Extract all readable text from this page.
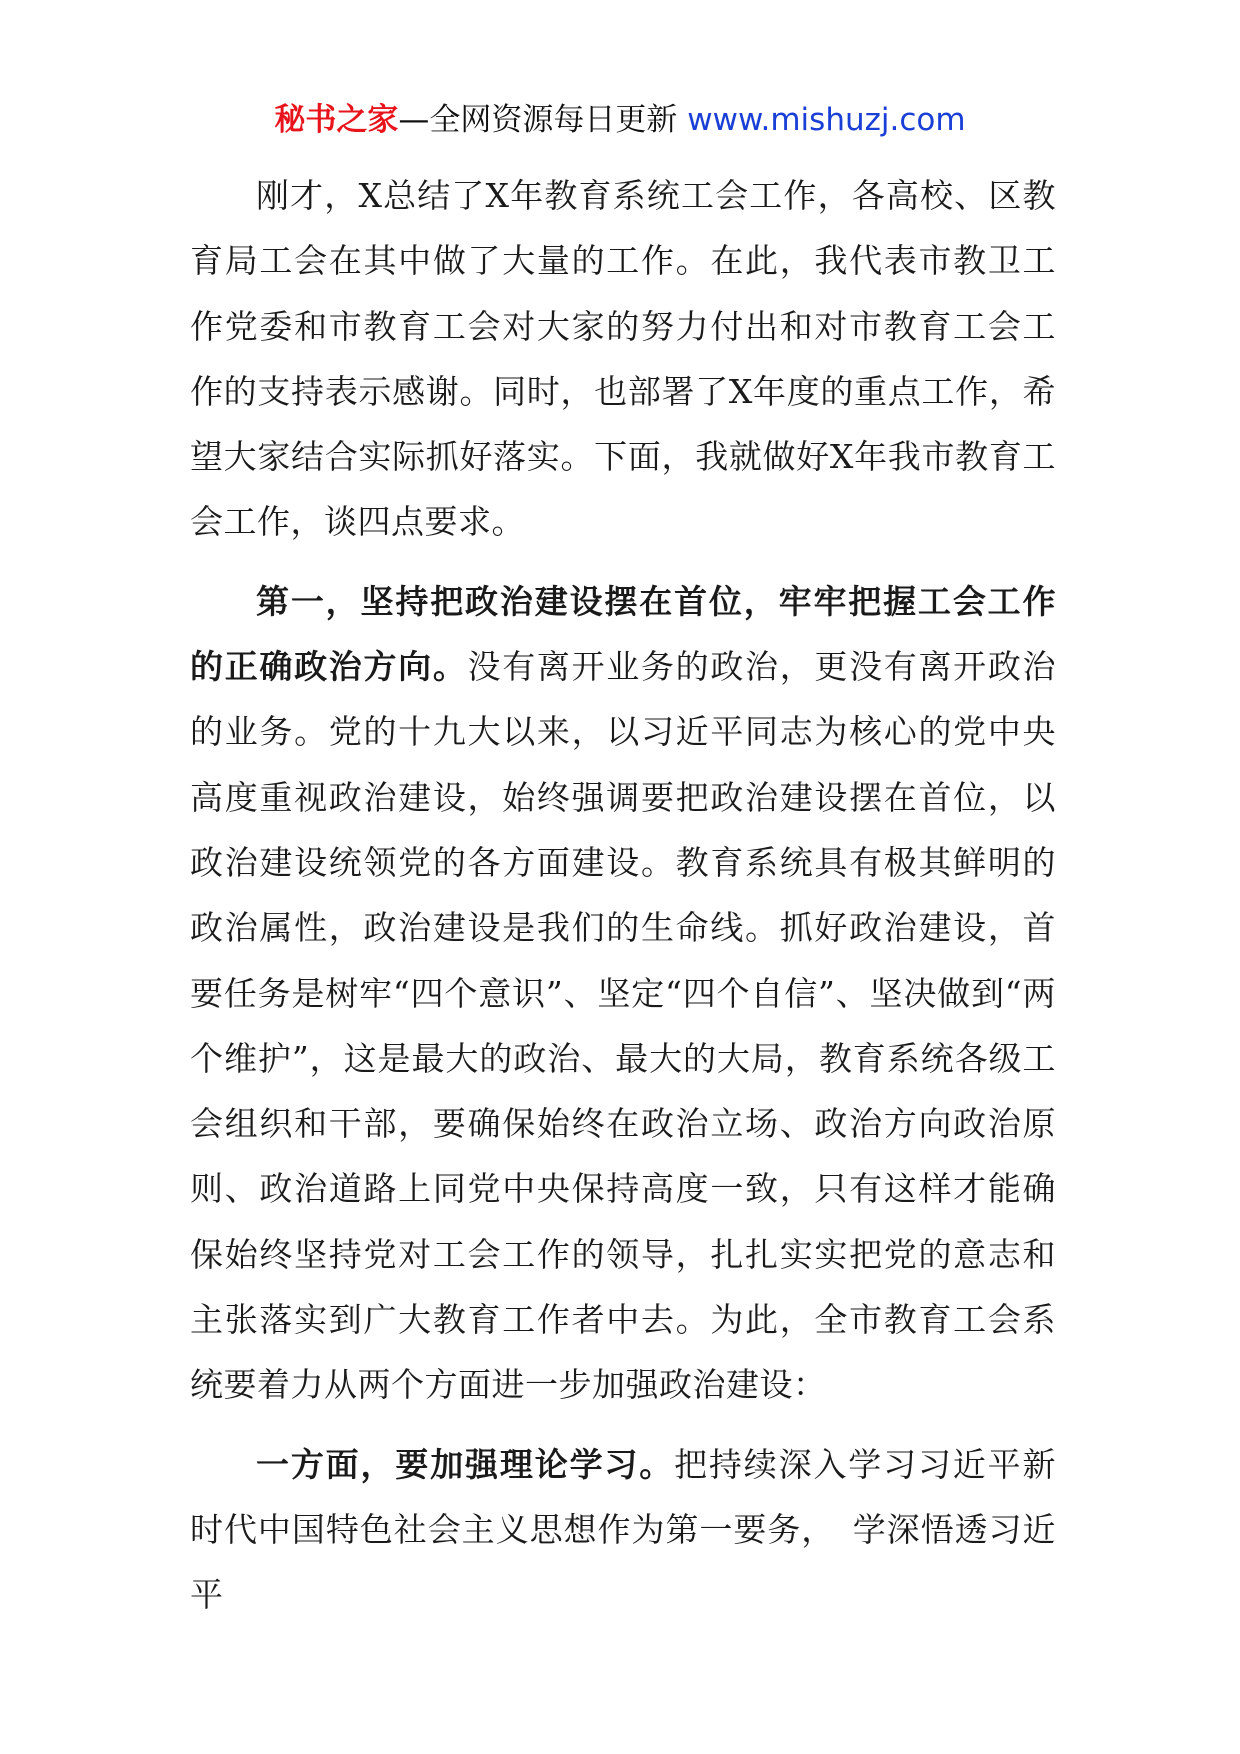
秘书之家—全网资源每日更新 www.mishuzj.com

刚才，X总结了X年教育系统工会工作，各高校、区教育局工会在其中做了大量的工作。在此，我代表市教卫工作党委和市教育工会对大家的努力付出和对市教育工会工作的支持表示感谢。同时，也部署了X年度的重点工作，希望大家结合实际抓好落实。下面，我就做好X年我市教育工会工作，谈四点要求。

第一，坚持把政治建设摆在首位，牢牢把握工会工作的正确政治方向。没有离开业务的政治，更没有离开政治的业务。党的十九大以来，以习近平同志为核心的党中央高度重视政治建设，始终强调要把政治建设摆在首位，以政治建设统领党的各方面建设。教育系统具有极其鲜明的政治属性，政治建设是我们的生命线。抓好政治建设，首要任务是树牢“四个意识”、坚定“四个自信”、坚决做到“两个维护”，这是最大的政治、最大的大局，教育系统各级工会组织和干部，要确保始终在政治立场、政治方向政治原则、政治道路上同党中央保持高度一致，只有这样才能确保始终坚持党对工会工作的领导，扎扎实实把党的意志和主张落实到广大教育工作者中去。为此，全市教育工会系统要着力从两个方面进一步加强政治建设：

一方面，要加强理论学习。把持续深入学习习近平新时代中国特色社会主义思想作为第一要务，　学深悟透习近平
